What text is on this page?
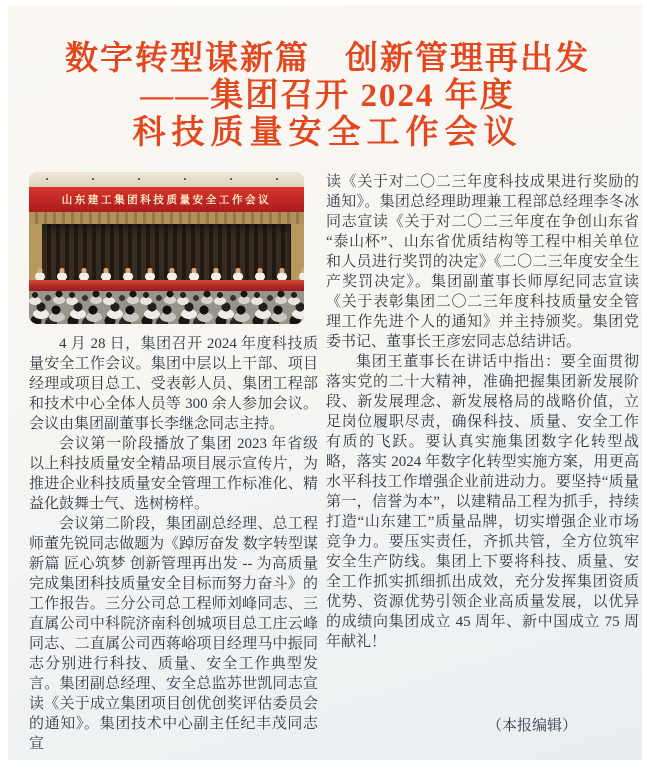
数字转型谋新篇　创新管理再出发
——集团召开 2024 年度
科技质量安全工作会议
山东建工集团科技质量安全工作会议

4 月 28 日，集团召开 2024 年度科技质量安全工作会议。集团中层以上干部、项目经理或项目总工、受表彰人员、集团工程部和技术中心全体人员等 300 余人参加会议。会议由集团副董事长李继念同志主持。

会议第一阶段播放了集团 2023 年省级以上科技质量安全精品项目展示宣传片，为推进企业科技质量安全管理工作标准化、精益化鼓舞士气、选树榜样。

会议第二阶段，集团副总经理、总工程师董先锐同志做题为《踔厉奋发 数字转型谋新篇 匠心筑梦 创新管理再出发 -- 为高质量完成集团科技质量安全目标而努力奋斗》的工作报告。三分公司总工程师刘峰同志、三直属公司中科院济南科创城项目总工庄云峰同志、二直属公司西蒋峪项目经理马中振同志分别进行科技、质量、安全工作典型发言。集团副总经理、安全总监苏世凯同志宣读《关于成立集团项目创优创奖评估委员会的通知》。集团技术中心副主任纪丰茂同志宣

读《关于对二〇二三年度科技成果进行奖励的通知》。集团总经理助理兼工程部总经理李冬冰同志宣读《关于对二〇二三年度在争创山东省“泰山杯”、山东省优质结构等工程中相关单位和人员进行奖罚的决定》《二〇二三年度安全生产奖罚决定》。集团副董事长师厚纪同志宣读《关于表彰集团二〇二三年度科技质量安全管理工作先进个人的通知》并主持颁奖。集团党委书记、董事长王彦宏同志总结讲话。

集团王董事长在讲话中指出：要全面贯彻落实党的二十大精神，准确把握集团新发展阶段、新发展理念、新发展格局的战略价值，立足岗位履职尽责，确保科技、质量、安全工作有质的飞跃。要认真实施集团数字化转型战略，落实 2024 年数字化转型实施方案，用更高水平科技工作增强企业前进动力。要坚持“质量第一，信誉为本”，以建精品工程为抓手，持续打造“山东建工”质量品牌，切实增强企业市场竞争力。要压实责任，齐抓共管，全方位筑牢安全生产防线。集团上下要将科技、质量、安全工作抓实抓细抓出成效，充分发挥集团资质优势、资源优势引领企业高质量发展，以优异的成绩向集团成立 45 周年、新中国成立 75 周年献礼！

（本报编辑）
